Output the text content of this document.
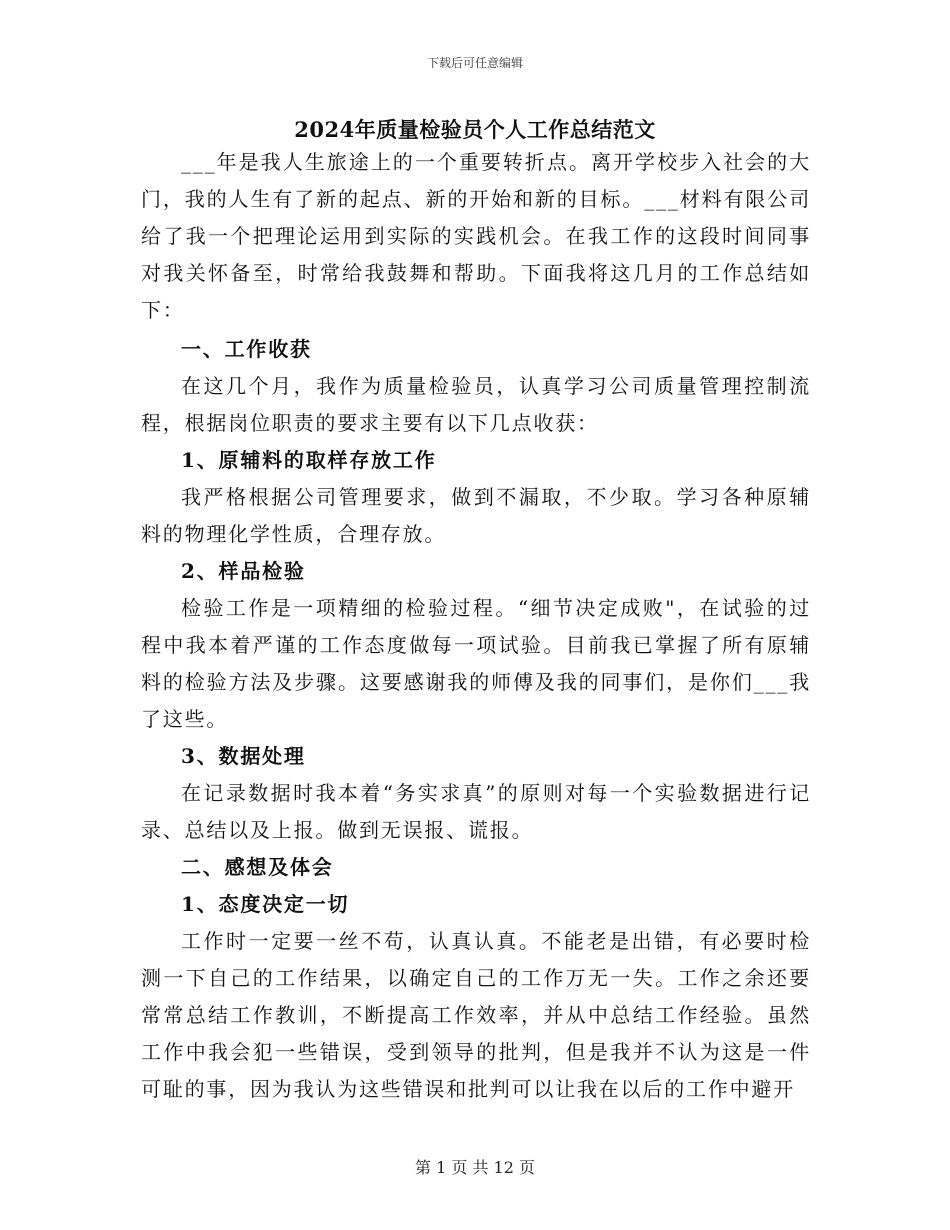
下载后可任意编辑
2024年质量检验员个人工作总结范文

___年是我人生旅途上的一个重要转折点。离开学校步入社会的大门，我的人生有了新的起点、新的开始和新的目标。___材料有限公司给了我一个把理论运用到实际的实践机会。在我工作的这段时间同事对我关怀备至，时常给我鼓舞和帮助。下面我将这几月的工作总结如下：

一、工作收获

在这几个月，我作为质量检验员，认真学习公司质量管理控制流程，根据岗位职责的要求主要有以下几点收获：

1、原辅料的取样存放工作

我严格根据公司管理要求，做到不漏取，不少取。学习各种原辅料的物理化学性质，合理存放。

2、样品检验

检验工作是一项精细的检验过程。“细节决定成败"，在试验的过程中我本着严谨的工作态度做每一项试验。目前我已掌握了所有原辅料的检验方法及步骤。这要感谢我的师傅及我的同事们，是你们___我了这些。

3、数据处理

在记录数据时我本着“务实求真”的原则对每一个实验数据进行记录、总结以及上报。做到无误报、谎报。

二、感想及体会
1、态度决定一切

工作时一定要一丝不苟，认真认真。不能老是出错，有必要时检测一下自己的工作结果，以确定自己的工作万无一失。工作之余还要常常总结工作教训，不断提高工作效率，并从中总结工作经验。虽然工作中我会犯一些错误，受到领导的批判，但是我并不认为这是一件可耻的事，因为我认为这些错误和批判可以让我在以后的工作中避开

第 1 页 共 12 页
